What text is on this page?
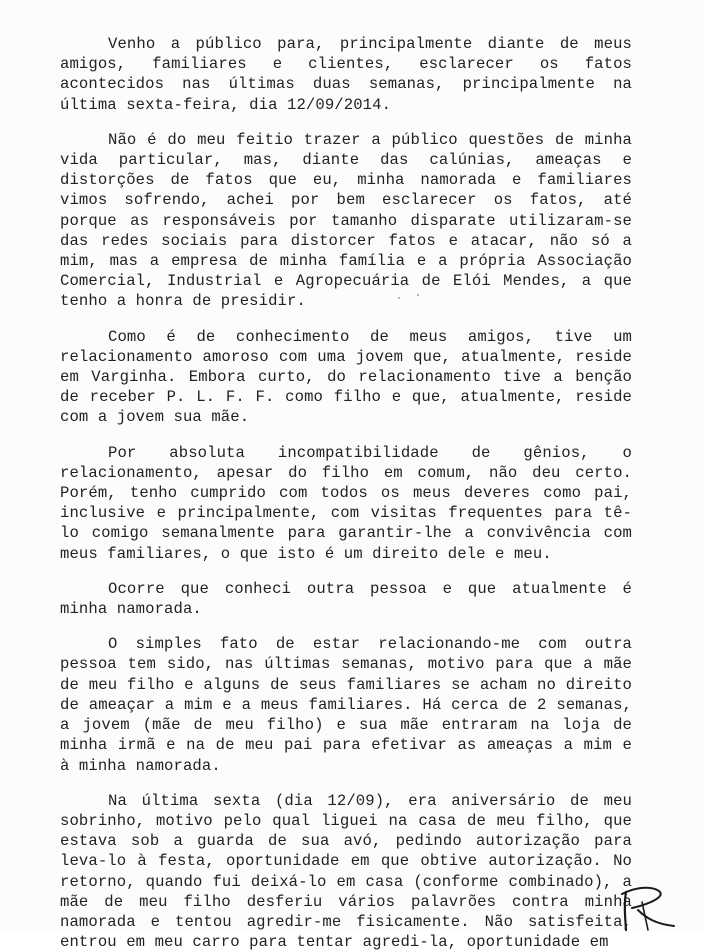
Venho a público para, principalmente diante de meus amigos, familiares e clientes, esclarecer os fatos acontecidos nas últimas duas semanas, principalmente na última sexta-feira, dia 12/09/2014.

Não é do meu feitio trazer a público questões de minha vida particular, mas, diante das calúnias, ameaças e distorções de fatos que eu, minha namorada e familiares vimos sofrendo, achei por bem esclarecer os fatos, até porque as responsáveis por tamanho disparate utilizaram-se das redes sociais para distorcer fatos e atacar, não só a mim, mas a empresa de minha família e a própria Associação Comercial, Industrial e Agropecuária de Elói Mendes, a que tenho a honra de presidir.

Como é de conhecimento de meus amigos, tive um relacionamento amoroso com uma jovem que, atualmente, reside em Varginha. Embora curto, do relacionamento tive a benção de receber P. L. F. F. como filho e que, atualmente, reside com a jovem sua mãe.

Por absoluta incompatibilidade de gênios, o relacionamento, apesar do filho em comum, não deu certo. Porém, tenho cumprido com todos os meus deveres como pai, inclusive e principalmente, com visitas frequentes para tê-lo comigo semanalmente para garantir-lhe a convivência com meus familiares, o que isto é um direito dele e meu.

Ocorre que conheci outra pessoa e que atualmente é minha namorada.

O simples fato de estar relacionando-me com outra pessoa tem sido, nas últimas semanas, motivo para que a mãe de meu filho e alguns de seus familiares se acham no direito de ameaçar a mim e a meus familiares. Há cerca de 2 semanas, a jovem (mãe de meu filho) e sua mãe entraram na loja de minha irmã e na de meu pai para efetivar as ameaças a mim e à minha namorada.

Na última sexta (dia 12/09), era aniversário de meu sobrinho, motivo pelo qual liguei na casa de meu filho, que estava sob a guarda de sua avó, pedindo autorização para leva-lo à festa, oportunidade em que obtive autorização. No retorno, quando fui deixá-lo em casa (conforme combinado), a mãe de meu filho desferiu vários palavrões contra minha namorada e tentou agredir-me fisicamente. Não satisfeita, entrou em meu carro para tentar agredi-la, oportunidade em
